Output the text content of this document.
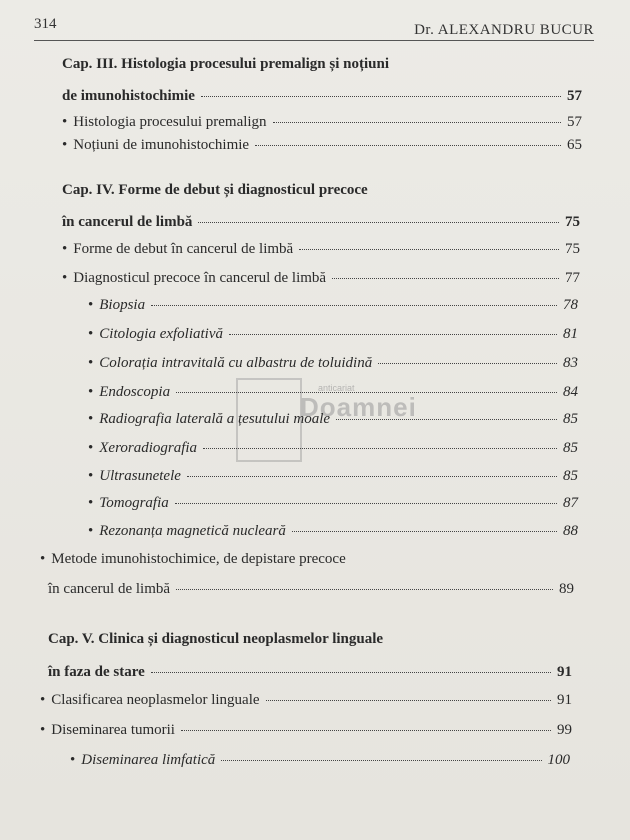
314	Dr. ALEXANDRU BUCUR
anticariat
Doamnei
Cap. III. Histologia procesului premalign și noțiuni
de imunohistochimie	57
• Histologia procesului premalign	57
• Noțiuni de imunohistochimie	65
Cap. IV. Forme de debut și diagnosticul precoce
în cancerul de limbă	75
• Forme de debut în cancerul de limbă	75
• Diagnosticul precoce în cancerul de limbă	77
• Biopsia	78
• Citologia exfoliativă	81
• Colorația intravitală cu albastru de toluidină	83
• Endoscopia	84
• Radiografia laterală a țesutului moale	85
• Xeroradiografia	85
• Ultrasunetele	85
• Tomografia	87
• Rezonanța magnetică nucleară	88
• Metode imunohistochimice, de depistare precoce
în cancerul de limbă	89
Cap. V. Clinica și diagnosticul neoplasmelor linguale
în faza de stare	91
• Clasificarea neoplasmelor linguale	91
• Diseminarea tumorii	99
• Diseminarea limfatică	100
